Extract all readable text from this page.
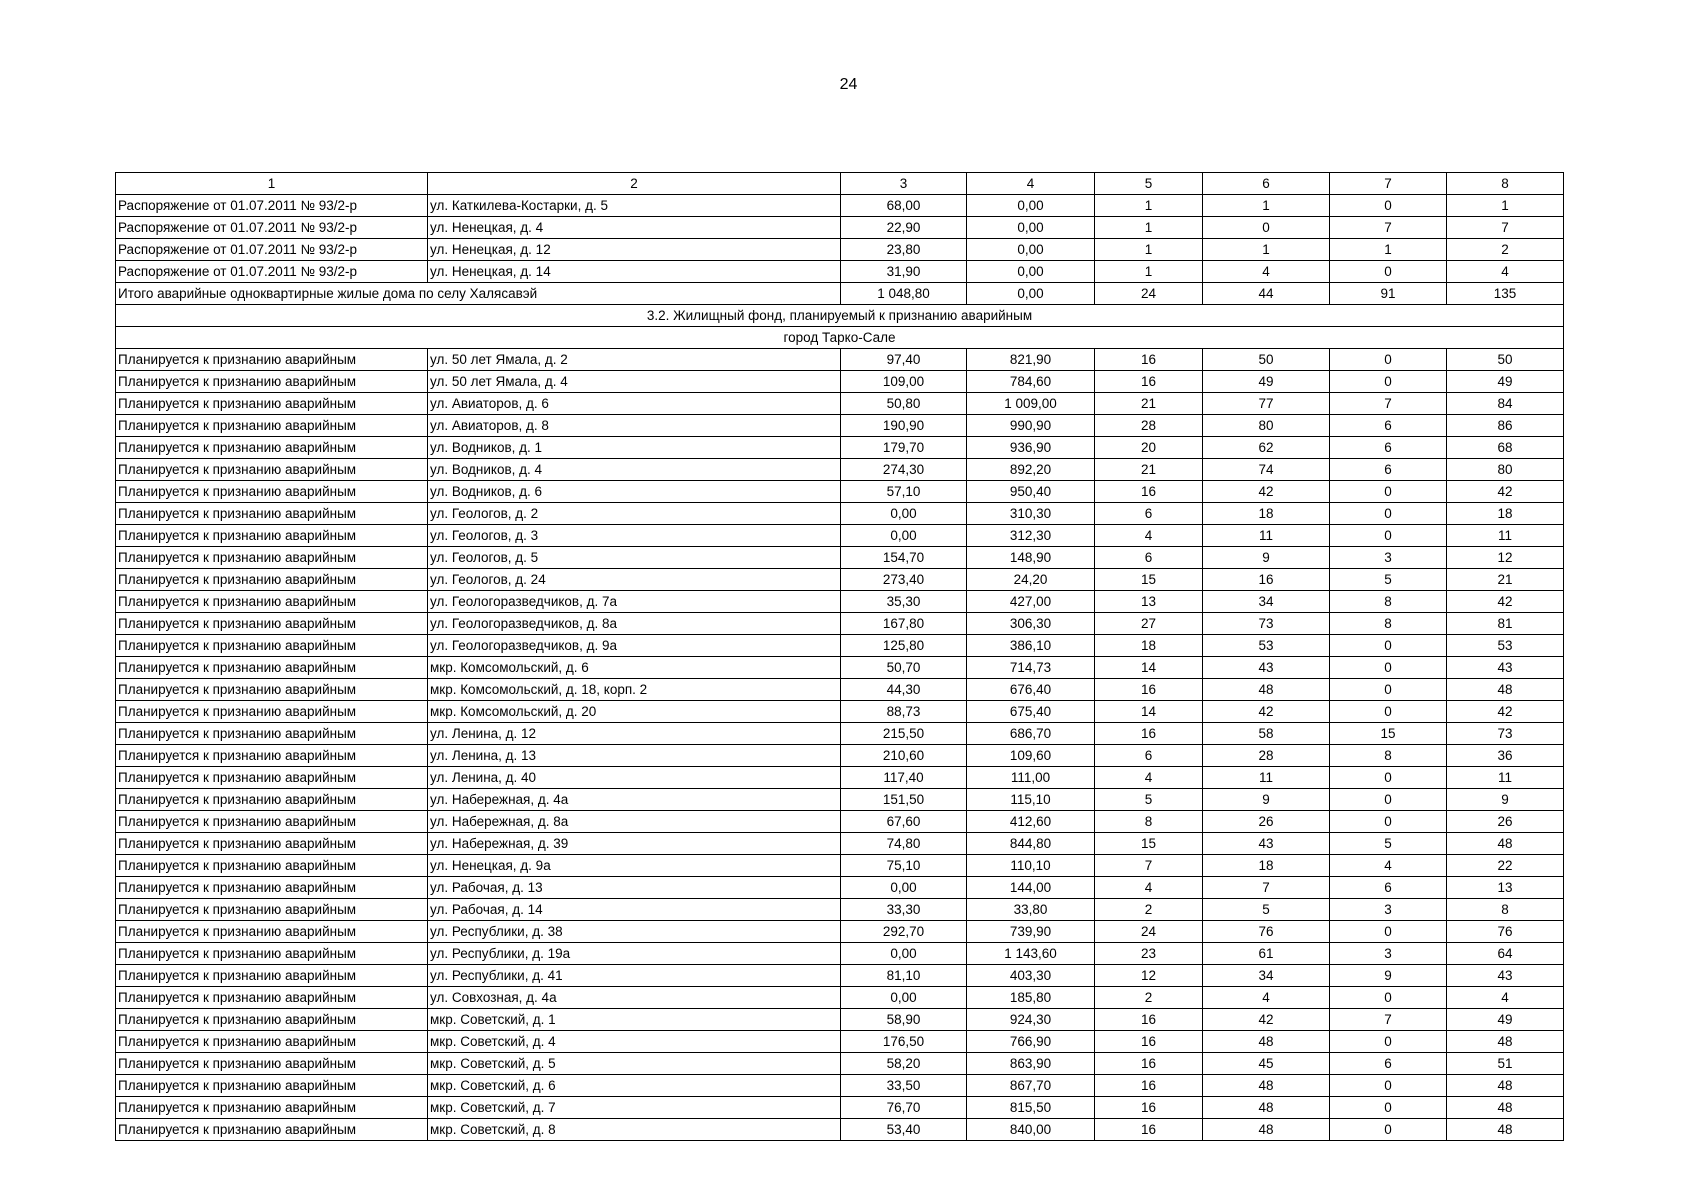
24
1	2	3	4	5	6	7	8
Распоряжение от 01.07.2011 № 93/2-р	ул. Каткилева-Костарки, д. 5	68,00	0,00	1	1	0	1
Распоряжение от 01.07.2011 № 93/2-р	ул. Ненецкая, д. 4	22,90	0,00	1	0	7	7
Распоряжение от 01.07.2011 № 93/2-р	ул. Ненецкая, д. 12	23,80	0,00	1	1	1	2
Распоряжение от 01.07.2011 № 93/2-р	ул. Ненецкая, д. 14	31,90	0,00	1	4	0	4
Итого аварийные одноквартирные жилые дома по селу Халясавэй		1 048,80	0,00	24	44	91	135
3.2. Жилищный фонд, планируемый к признанию аварийным							
город Тарко-Сале							
Планируется к признанию аварийным	ул. 50 лет Ямала, д. 2	97,40	821,90	16	50	0	50
Планируется к признанию аварийным	ул. 50 лет Ямала, д. 4	109,00	784,60	16	49	0	49
Планируется к признанию аварийным	ул. Авиаторов, д. 6	50,80	1 009,00	21	77	7	84
Планируется к признанию аварийным	ул. Авиаторов, д. 8	190,90	990,90	28	80	6	86
Планируется к признанию аварийным	ул. Водников, д. 1	179,70	936,90	20	62	6	68
Планируется к признанию аварийным	ул. Водников, д. 4	274,30	892,20	21	74	6	80
Планируется к признанию аварийным	ул. Водников, д. 6	57,10	950,40	16	42	0	42
Планируется к признанию аварийным	ул. Геологов, д. 2	0,00	310,30	6	18	0	18
Планируется к признанию аварийным	ул. Геологов, д. 3	0,00	312,30	4	11	0	11
Планируется к признанию аварийным	ул. Геологов, д. 5	154,70	148,90	6	9	3	12
Планируется к признанию аварийным	ул. Геологов, д. 24	273,40	24,20	15	16	5	21
Планируется к признанию аварийным	ул. Геологоразведчиков, д. 7а	35,30	427,00	13	34	8	42
Планируется к признанию аварийным	ул. Геологоразведчиков, д. 8а	167,80	306,30	27	73	8	81
Планируется к признанию аварийным	ул. Геологоразведчиков, д. 9а	125,80	386,10	18	53	0	53
Планируется к признанию аварийным	мкр. Комсомольский, д. 6	50,70	714,73	14	43	0	43
Планируется к признанию аварийным	мкр. Комсомольский, д. 18, корп. 2	44,30	676,40	16	48	0	48
Планируется к признанию аварийным	мкр. Комсомольский, д. 20	88,73	675,40	14	42	0	42
Планируется к признанию аварийным	ул. Ленина, д. 12	215,50	686,70	16	58	15	73
Планируется к признанию аварийным	ул. Ленина, д. 13	210,60	109,60	6	28	8	36
Планируется к признанию аварийным	ул. Ленина, д. 40	117,40	111,00	4	11	0	11
Планируется к признанию аварийным	ул. Набережная, д. 4а	151,50	115,10	5	9	0	9
Планируется к признанию аварийным	ул. Набережная, д. 8а	67,60	412,60	8	26	0	26
Планируется к признанию аварийным	ул. Набережная, д. 39	74,80	844,80	15	43	5	48
Планируется к признанию аварийным	ул. Ненецкая, д. 9а	75,10	110,10	7	18	4	22
Планируется к признанию аварийным	ул. Рабочая, д. 13	0,00	144,00	4	7	6	13
Планируется к признанию аварийным	ул. Рабочая, д. 14	33,30	33,80	2	5	3	8
Планируется к признанию аварийным	ул. Республики, д. 38	292,70	739,90	24	76	0	76
Планируется к признанию аварийным	ул. Республики, д. 19а	0,00	1 143,60	23	61	3	64
Планируется к признанию аварийным	ул. Республики, д. 41	81,10	403,30	12	34	9	43
Планируется к признанию аварийным	ул. Совхозная, д. 4а	0,00	185,80	2	4	0	4
Планируется к признанию аварийным	мкр. Советский, д. 1	58,90	924,30	16	42	7	49
Планируется к признанию аварийным	мкр. Советский, д. 4	176,50	766,90	16	48	0	48
Планируется к признанию аварийным	мкр. Советский, д. 5	58,20	863,90	16	45	6	51
Планируется к признанию аварийным	мкр. Советский, д. 6	33,50	867,70	16	48	0	48
Планируется к признанию аварийным	мкр. Советский, д. 7	76,70	815,50	16	48	0	48
Планируется к признанию аварийным	мкр. Советский, д. 8	53,40	840,00	16	48	0	48
